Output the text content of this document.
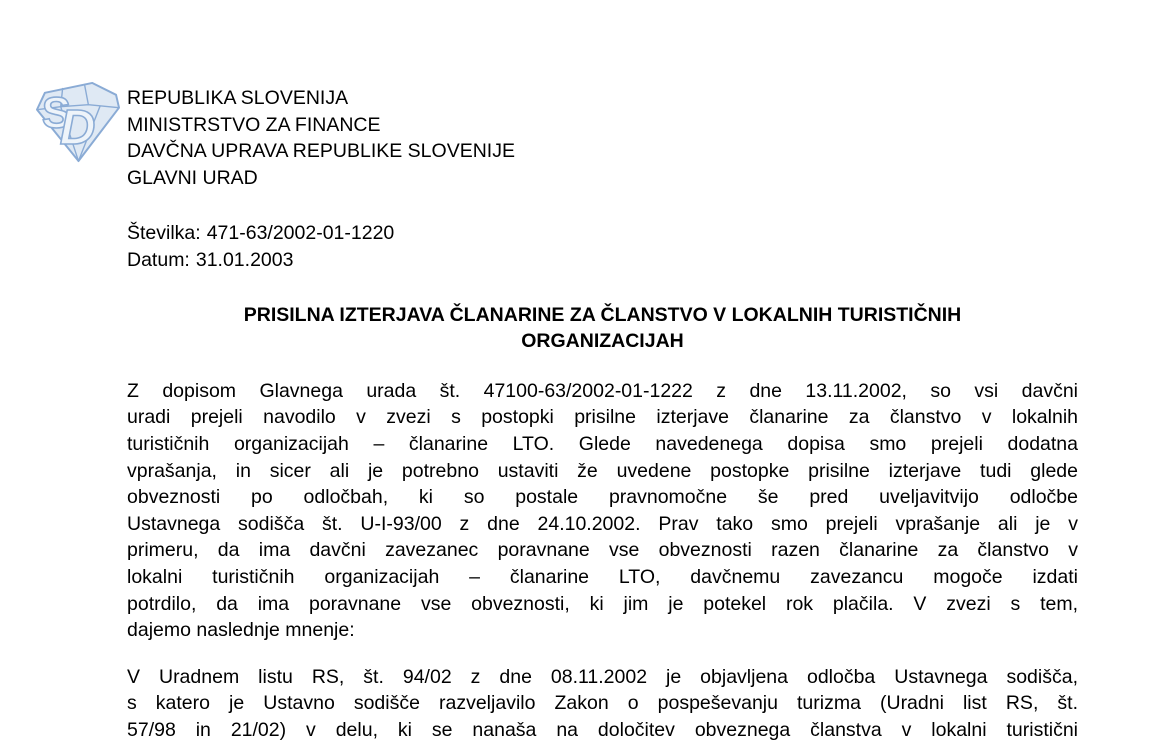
S
D
REPUBLIKA SLOVENIJA
MINISTRSTVO ZA FINANCE
DAVČNA UPRAVA REPUBLIKE SLOVENIJE
GLAVNI URAD
Številka: 471-63/2002-01-1220
Datum: 31.01.2003
PRISILNA IZTERJAVA ČLANARINE ZA ČLANSTVO V LOKALNIH TURISTIČNIH
ORGANIZACIJAH
Z dopisom Glavnega urada št. 47100-63/2002-01-1222 z dne 13.11.2002, so vsi davčni
uradi prejeli navodilo v zvezi s postopki prisilne izterjave članarine za članstvo v lokalnih
turističnih organizacijah – članarine LTO. Glede navedenega dopisa smo prejeli dodatna
vprašanja, in sicer ali je potrebno ustaviti že uvedene postopke prisilne izterjave tudi glede
obveznosti po odločbah, ki so postale pravnomočne še pred uveljavitvijo odločbe
Ustavnega sodišča št. U-I-93/00 z dne 24.10.2002. Prav tako smo prejeli vprašanje ali je v
primeru, da ima davčni zavezanec poravnane vse obveznosti razen članarine za članstvo v
lokalni turističnih organizacijah – članarine LTO, davčnemu zavezancu mogoče izdati
potrdilo, da ima poravnane vse obveznosti, ki jim je potekel rok plačila. V zvezi s tem,
dajemo naslednje mnenje:
V Uradnem listu RS, št. 94/02 z dne 08.11.2002 je objavljena odločba Ustavnega sodišča,
s katero je Ustavno sodišče razveljavilo Zakon o pospeševanju turizma (Uradni list RS, št.
57/98 in 21/02) v delu, ki se nanaša na določitev obveznega članstva v lokalni turistični
